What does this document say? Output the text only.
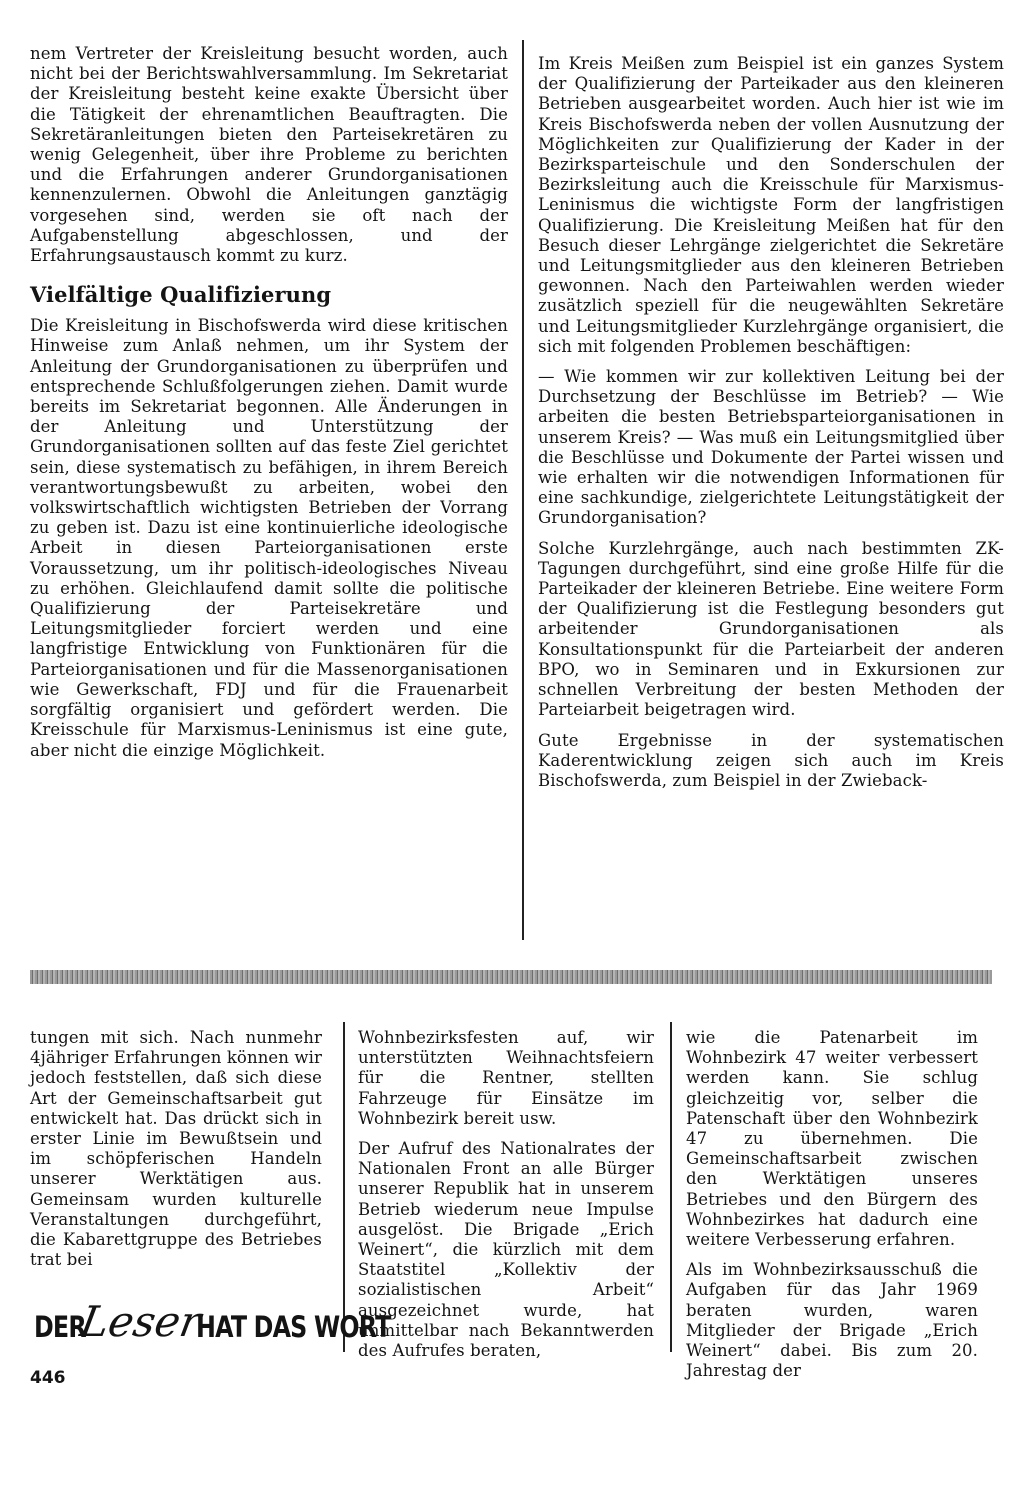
nem Vertreter der Kreisleitung besucht worden, auch nicht bei der Berichtswahlversammlung. Im Sekretariat der Kreisleitung besteht keine exakte Übersicht über die Tätigkeit der ehrenamtlichen Beauftragten. Die Sekretäranleitungen bieten den Parteisekretären zu wenig Gelegenheit, über ihre Probleme zu berichten und die Erfahrungen anderer Grundorganisationen kennenzulernen. Obwohl die Anleitungen ganztägig vorgesehen sind, werden sie oft nach der Aufgabenstellung abgeschlossen, und der Erfahrungsaustausch kommt zu kurz.

Vielfältige Qualifizierung

Die Kreisleitung in Bischofswerda wird diese kritischen Hinweise zum Anlaß nehmen, um ihr System der Anleitung der Grundorganisationen zu überprüfen und entsprechende Schlußfolgerungen ziehen. Damit wurde bereits im Sekretariat begonnen. Alle Änderungen in der Anleitung und Unterstützung der Grundorganisationen sollten auf das feste Ziel gerichtet sein, diese systematisch zu befähigen, in ihrem Bereich verantwortungsbewußt zu arbeiten, wobei den volkswirtschaftlich wichtigsten Betrieben der Vorrang zu geben ist. Dazu ist eine kontinuierliche ideologische Arbeit in diesen Parteiorganisationen erste Voraussetzung, um ihr politisch-ideologisches Niveau zu erhöhen. Gleichlaufend damit sollte die politische Qualifizierung der Parteisekretäre und Leitungsmitglieder forciert werden und eine langfristige Entwicklung von Funktionären für die Parteiorganisationen und für die Massenorganisationen wie Gewerkschaft, FDJ und für die Frauenarbeit sorgfältig organisiert und gefördert werden. Die Kreisschule für Marxismus-Leninismus ist eine gute, aber nicht die einzige Möglichkeit.

Im Kreis Meißen zum Beispiel ist ein ganzes System der Qualifizierung der Parteikader aus den kleineren Betrieben ausgearbeitet worden. Auch hier ist wie im Kreis Bischofswerda neben der vollen Ausnutzung der Möglichkeiten zur Qualifizierung der Kader in der Bezirksparteischule und den Sonderschulen der Bezirksleitung auch die Kreisschule für Marxismus-Leninismus die wichtigste Form der langfristigen Qualifizierung. Die Kreisleitung Meißen hat für den Besuch dieser Lehrgänge zielgerichtet die Sekretäre und Leitungsmitglieder aus den kleineren Betrieben gewonnen. Nach den Parteiwahlen werden wieder zusätzlich speziell für die neugewählten Sekretäre und Leitungsmitglieder Kurzlehrgänge organisiert, die sich mit folgenden Problemen beschäftigen:

— Wie kommen wir zur kollektiven Leitung bei der Durchsetzung der Beschlüsse im Betrieb? — Wie arbeiten die besten Betriebsparteiorganisationen in unserem Kreis? — Was muß ein Leitungsmitglied über die Beschlüsse und Dokumente der Partei wissen und wie erhalten wir die notwendigen Informationen für eine sachkundige, zielgerichtete Leitungstätigkeit der Grundorganisation?

Solche Kurzlehrgänge, auch nach bestimmten ZK-Tagungen durchgeführt, sind eine große Hilfe für die Parteikader der kleineren Betriebe. Eine weitere Form der Qualifizierung ist die Festlegung besonders gut arbeitender Grundorganisationen als Konsultationspunkt für die Parteiarbeit der anderen BPO, wo in Seminaren und in Exkursionen zur schnellen Verbreitung der besten Methoden der Parteiarbeit beigetragen wird.

Gute Ergebnisse in der systematischen Kaderentwicklung zeigen sich auch im Kreis Bischofswerda, zum Beispiel in der Zwieback-

tungen mit sich. Nach nunmehr 4jähriger Erfahrungen können wir jedoch feststellen, daß sich diese Art der Gemeinschaftsarbeit gut entwickelt hat. Das drückt sich in erster Linie im Bewußtsein und im schöpferischen Handeln unserer Werktätigen aus. Gemeinsam wurden kulturelle Veranstaltungen durchgeführt, die Kabarettgruppe des Betriebes trat bei

Wohnbezirksfesten auf, wir unterstützten Weihnachtsfeiern für die Rentner, stellten Fahrzeuge für Einsätze im Wohnbezirk bereit usw.

Der Aufruf des Nationalrates der Nationalen Front an alle Bürger unserer Republik hat in unserem Betrieb wiederum neue Impulse ausgelöst. Die Brigade „Erich Weinert“, die kürzlich mit dem Staatstitel „Kollektiv der sozialistischen Arbeit“ ausgezeichnet wurde, hat unmittelbar nach Bekanntwerden des Aufrufes beraten,

wie die Patenarbeit im Wohnbezirk 47 weiter verbessert werden kann. Sie schlug gleichzeitig vor, selber die Patenschaft über den Wohnbezirk 47 zu übernehmen. Die Gemeinschaftsarbeit zwischen den Werktätigen unseres Betriebes und den Bürgern des Wohnbezirkes hat dadurch eine weitere Verbesserung erfahren.

Als im Wohnbezirksausschuß die Aufgaben für das Jahr 1969 beraten wurden, waren Mitglieder der Brigade „Erich Weinert“ dabei. Bis zum 20. Jahrestag der

DER
Leser
HAT DAS WORT
446
